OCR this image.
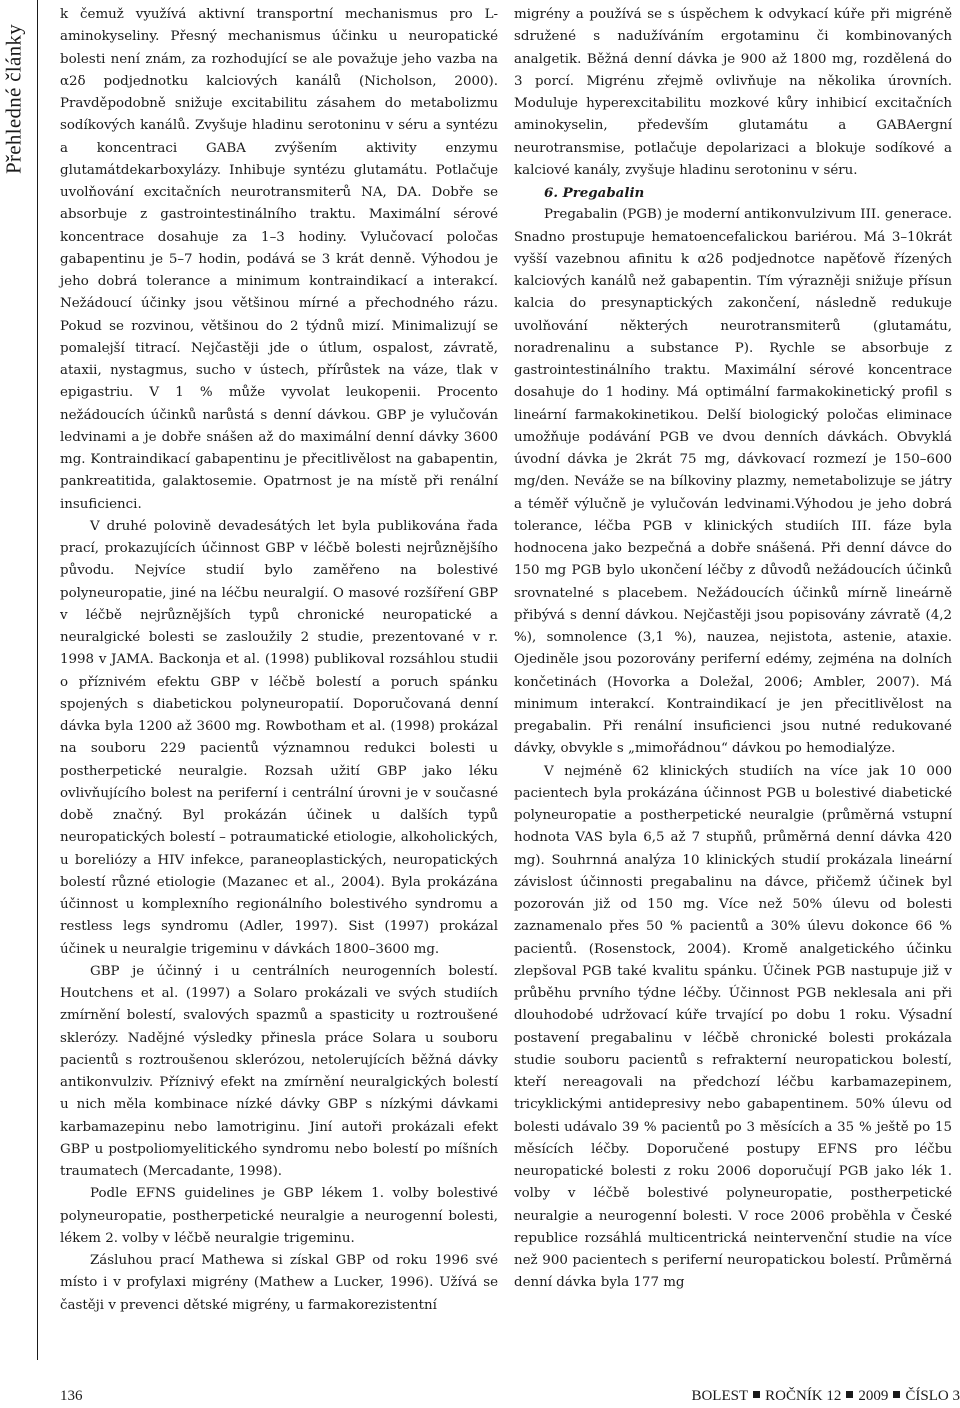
Přehledné články

k čemuž využívá aktivní transportní mechanismus pro L-aminokyseliny. Přesný mechanismus účinku u neuropatické bolesti není znám, za rozhodující se ale považuje jeho vazba na α2δ podjednotku kalciových kanálů (Nicholson, 2000). Pravděpodobně snižuje excitabilitu zásahem do metabolizmu sodíkových kanálů. Zvyšuje hladinu serotoninu v séru a syntézu a koncentraci GABA zvýšením aktivity enzymu glutamátdekarboxylázy. Inhibuje syntézu glutamátu. Potlačuje uvolňování excitačních neurotransmiterů NA, DA. Dobře se absorbuje z gastrointestinálního traktu. Maximální sérové koncentrace dosahuje za 1–3 hodiny. Vylučovací poločas gabapentinu je 5–7 hodin, podává se 3 krát denně. Výhodou je jeho dobrá tolerance a minimum kontraindikací a interakcí. Nežádoucí účinky jsou většinou mírné a přechodného rázu. Pokud se rozvinou, většinou do 2 týdnů mizí. Minimalizují se pomalejší titrací. Nejčastěji jde o útlum, ospalost, závratě, ataxii, nystagmus, sucho v ústech, přírůstek na váze, tlak v epigastriu. V 1 % může vyvolat leukopenii. Procento nežádoucích účinků narůstá s denní dávkou. GBP je vylučován ledvinami a je dobře snášen až do maximální denní dávky 3600 mg. Kontraindikací gabapentinu je přecitlivělost na gabapentin, pankreatitida, galaktosemie. Opatrnost je na místě při renální insuficienci.

V druhé polovině devadesátých let byla publikována řada prací, prokazujících účinnost GBP v léčbě bolesti nejrůznějšího původu. Nejvíce studií bylo zaměřeno na bolestivé polyneuropatie, jiné na léčbu neuralgií. O masové rozšíření GBP v léčbě nejrůznějších typů chronické neuropatické a neuralgické bolesti se zasloužily 2 studie, prezentované v r. 1998 v JAMA. Backonja et al. (1998) publikoval rozsáhlou studii o příznivém efektu GBP v léčbě bolestí a poruch spánku spojených s diabetickou polyneuropatií. Doporučovaná denní dávka byla 1200 až 3600 mg. Rowbotham et al. (1998) prokázal na souboru 229 pacientů významnou redukci bolesti u postherpetické neuralgie. Rozsah užití GBP jako léku ovlivňujícího bolest na periferní i centrální úrovni je v současné době značný. Byl prokázán účinek u dalších typů neuropatických bolestí – potraumatické etiologie, alkoholických, u boreliózy a HIV infekce, paraneoplastických, neuropatických bolestí různé etiologie (Mazanec et al., 2004). Byla prokázána účinnost u komplexního regionálního bolestivého syndromu a restless legs syndromu (Adler, 1997). Sist (1997) prokázal účinek u neuralgie trigeminu v dávkách 1800–3600 mg.

GBP je účinný i u centrálních neurogenních bolestí. Houtchens et al. (1997) a Solaro prokázali ve svých studiích zmírnění bolestí, svalových spazmů a spasticity u roztroušené sklerózy. Nadějné výsledky přinesla práce Solara u souboru pacientů s roztroušenou sklerózou, netolerujících běžná dávky antikonvulziv. Příznivý efekt na zmírnění neuralgických bolestí u nich měla kombinace nízké dávky GBP s nízkými dávkami karbamazepinu nebo lamotriginu. Jiní autoři prokázali efekt GBP u postpoliomyelitického syndromu nebo bolestí po míšních traumatech (Mercadante, 1998).

Podle EFNS guidelines je GBP lékem 1. volby bolestivé polyneuropatie, postherpetické neuralgie a neurogenní bolesti, lékem 2. volby v léčbě neuralgie trigeminu.

Zásluhou prací Mathewa si získal GBP od roku 1996 své místo i v profylaxi migrény (Mathew a Lucker, 1996). Užívá se častěji v prevenci dětské migrény, u farmakorezistentní

migrény a používá se s úspěchem k odvykací kúře při migréně sdružené s nadužíváním ergotaminu či kombinovaných analgetik. Běžná denní dávka je 900 až 1800 mg, rozdělená do 3 porcí. Migrénu zřejmě ovlivňuje na několika úrovních. Moduluje hyperexcitabilitu mozkové kůry inhibicí excitačních aminokyselin, především glutamátu a GABAergní neurotransmise, potlačuje depolarizaci a blokuje sodíkové a kalciové kanály, zvyšuje hladinu serotoninu v séru.

6. Pregabalin

Pregabalin (PGB) je moderní antikonvulzivum III. generace. Snadno prostupuje hematoencefalickou bariérou. Má 3–10krát vyšší vazebnou afinitu k α2δ podjednotce napěťově řízených kalciových kanálů než gabapentin. Tím výrazněji snižuje přísun kalcia do presynaptických zakončení, následně redukuje uvolňování některých neurotransmiterů (glutamátu, noradrenalinu a substance P). Rychle se absorbuje z gastrointestinálního traktu. Maximální sérové koncentrace dosahuje do 1 hodiny. Má optimální farmakokinetický profil s lineární farmakokinetikou. Delší biologický poločas eliminace umožňuje podávání PGB ve dvou denních dávkách. Obvyklá úvodní dávka je 2krát 75 mg, dávkovací rozmezí je 150–600 mg/den. Neváže se na bílkoviny plazmy, nemetabolizuje se játry a téměř výlučně je vylučován ledvinami.Výhodou je jeho dobrá tolerance, léčba PGB v klinických studiích III. fáze byla hodnocena jako bezpečná a dobře snášená. Při denní dávce do 150 mg PGB bylo ukončení léčby z důvodů nežádoucích účinků srovnatelné s placebem. Nežádoucích účinků mírně lineárně přibývá s denní dávkou. Nejčastěji jsou popisovány závratě (4,2 %), somnolence (3,1 %), nauzea, nejistota, astenie, ataxie. Ojediněle jsou pozorovány periferní edémy, zejména na dolních končetinách (Hovorka a Doležal, 2006; Ambler, 2007). Má minimum interakcí. Kontraindikací je jen přecitlivělost na pregabalin. Při renální insuficienci jsou nutné redukované dávky, obvykle s „mimořádnou“ dávkou po hemodialýze.

V nejméně 62 klinických studiích na více jak 10 000 pacientech byla prokázána účinnost PGB u bolestivé diabetické polyneuropatie a postherpetické neuralgie (průměrná vstupní hodnota VAS byla 6,5 až 7 stupňů, průměrná denní dávka 420 mg). Souhrnná analýza 10 klinických studií prokázala lineární závislost účinnosti pregabalinu na dávce, přičemž účinek byl pozorován již od 150 mg. Více než 50% úlevu od bolesti zaznamenalo přes 50 % pacientů a 30% úlevu dokonce 66 % pacientů. (Rosenstock, 2004). Kromě analgetického účinku zlepšoval PGB také kvalitu spánku. Účinek PGB nastupuje již v průběhu prvního týdne léčby. Účinnost PGB neklesala ani při dlouhodobé udržovací kúře trvající po dobu 1 roku. Výsadní postavení pregabalinu v léčbě chronické bolesti prokázala studie souboru pacientů s refrakterní neuropatickou bolestí, kteří nereagovali na předchozí léčbu karbamazepinem, tricyklickými antidepresivy nebo gabapentinem. 50% úlevu od bolesti udávalo 39 % pacientů po 3 měsících a 35 % ještě po 15 měsících léčby. Doporučené postupy EFNS pro léčbu neuropatické bolesti z roku 2006 doporučují PGB jako lék 1. volby v léčbě bolestivé polyneuropatie, postherpetické neuralgie a neurogenní bolesti. V roce 2006 proběhla v České republice rozsáhlá multicentrická neintervenční studie na více než 900 pacientech s periferní neuropatickou bolestí. Průměrná denní dávka byla 177 mg

136	BOLEST ROČNÍK 12 2009 ČÍSLO 3
